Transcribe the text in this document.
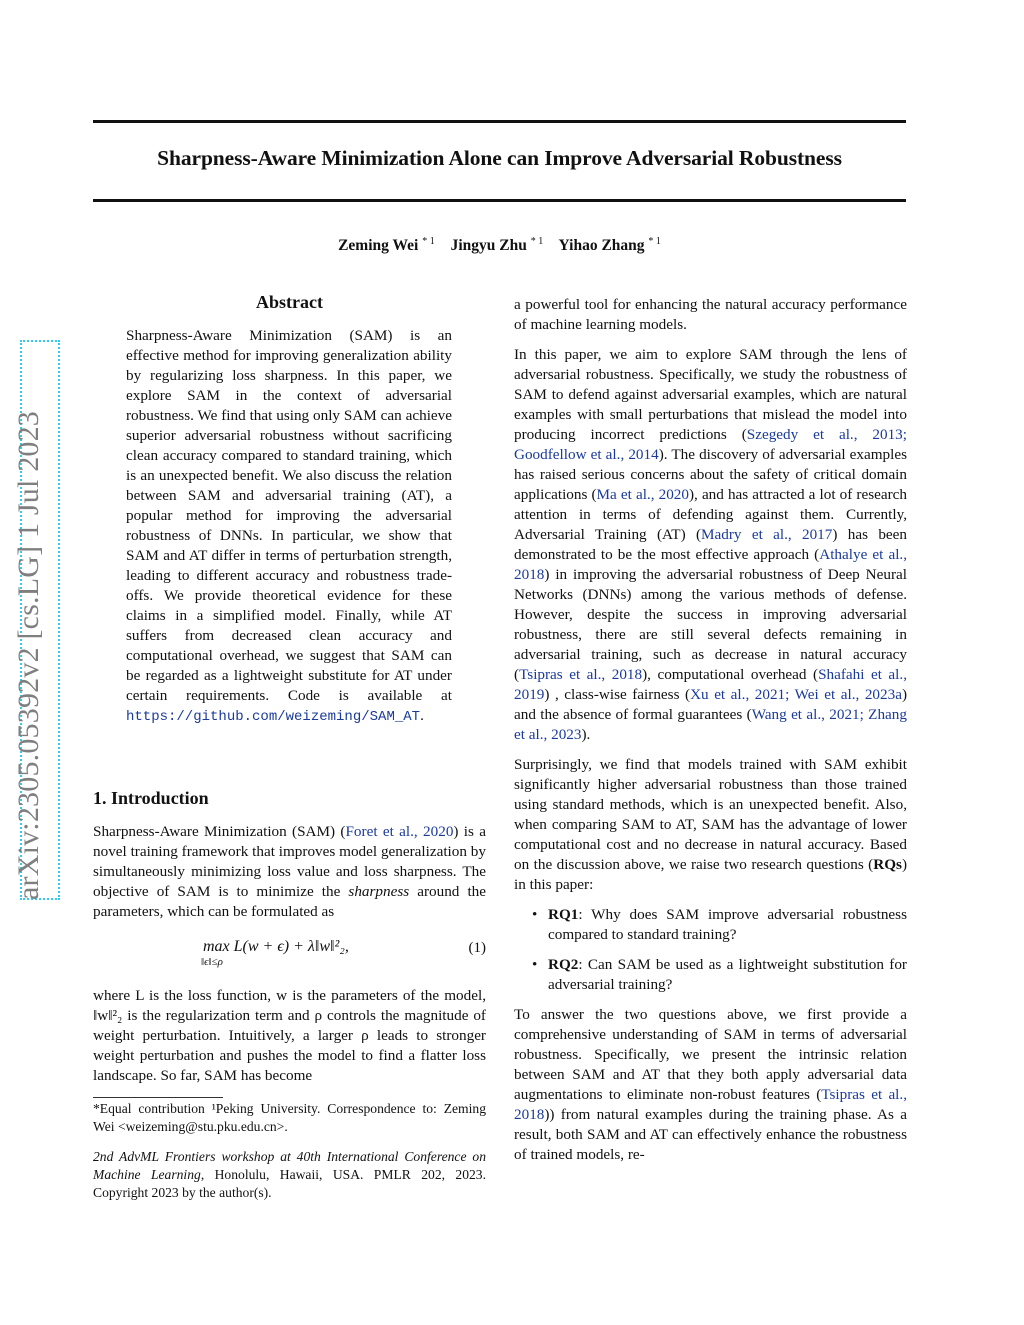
arXiv:2305.05392v2 [cs.LG] 1 Jul 2023
Sharpness-Aware Minimization Alone can Improve Adversarial Robustness
Zeming Wei $^{* 1}$ Jingyu Zhu $^{* 1}$ Yihao Zhang $^{* 1}$
Abstract
Sharpness-Aware Minimization (SAM) is an effective method for improving generalization ability by regularizing loss sharpness. In this paper, we explore SAM in the context of adversarial robustness. We find that using only SAM can achieve superior adversarial robustness without sacrificing clean accuracy compared to standard training, which is an unexpected benefit. We also discuss the relation between SAM and adversarial training (AT), a popular method for improving the adversarial robustness of DNNs. In particular, we show that SAM and AT differ in terms of perturbation strength, leading to different accuracy and robustness trade-offs. We provide theoretical evidence for these claims in a simplified model. Finally, while AT suffers from decreased clean accuracy and computational overhead, we suggest that SAM can be regarded as a lightweight substitute for AT under certain requirements. Code is available at https://github.com/weizeming/SAM_AT.
1. Introduction
Sharpness-Aware Minimization (SAM) (Foret et al., 2020) is a novel training framework that improves model generalization by simultaneously minimizing loss value and loss sharpness. The objective of SAM is to minimize the sharpness around the parameters, which can be formulated as
max L(w + ϵ) + λ‖w‖²₂,
‖ϵ‖≤ρ
(1)
where L is the loss function, w is the parameters of the model, ‖w‖²₂ is the regularization term and ρ controls the magnitude of weight perturbation. Intuitively, a larger ρ leads to stronger weight perturbation and pushes the model to find a flatter loss landscape. So far, SAM has become
*Equal contribution ¹Peking University. Correspondence to: Zeming Wei <weizeming@stu.pku.edu.cn>.
2nd AdvML Frontiers workshop at 40th International Conference on Machine Learning, Honolulu, Hawaii, USA. PMLR 202, 2023. Copyright 2023 by the author(s).

a powerful tool for enhancing the natural accuracy performance of machine learning models.

In this paper, we aim to explore SAM through the lens of adversarial robustness. Specifically, we study the robustness of SAM to defend against adversarial examples, which are natural examples with small perturbations that mislead the model into producing incorrect predictions (Szegedy et al., 2013; Goodfellow et al., 2014). The discovery of adversarial examples has raised serious concerns about the safety of critical domain applications (Ma et al., 2020), and has attracted a lot of research attention in terms of defending against them. Currently, Adversarial Training (AT) (Madry et al., 2017) has been demonstrated to be the most effective approach (Athalye et al., 2018) in improving the adversarial robustness of Deep Neural Networks (DNNs) among the various methods of defense. However, despite the success in improving adversarial robustness, there are still several defects remaining in adversarial training, such as decrease in natural accuracy (Tsipras et al., 2018), computational overhead (Shafahi et al., 2019) , class-wise fairness (Xu et al., 2021; Wei et al., 2023a) and the absence of formal guarantees (Wang et al., 2021; Zhang et al., 2023).

Surprisingly, we find that models trained with SAM exhibit significantly higher adversarial robustness than those trained using standard methods, which is an unexpected benefit. Also, when comparing SAM to AT, SAM has the advantage of lower computational cost and no decrease in natural accuracy. Based on the discussion above, we raise two research questions (RQs) in this paper:

• RQ1: Why does SAM improve adversarial robustness compared to standard training?
• RQ2: Can SAM be used as a lightweight substitution for adversarial training?

To answer the two questions above, we first provide a comprehensive understanding of SAM in terms of adversarial robustness. Specifically, we present the intrinsic relation between SAM and AT that they both apply adversarial data augmentations to eliminate non-robust features (Tsipras et al., 2018)) from natural examples during the training phase. As a result, both SAM and AT can effectively enhance the robustness of trained models, re-
